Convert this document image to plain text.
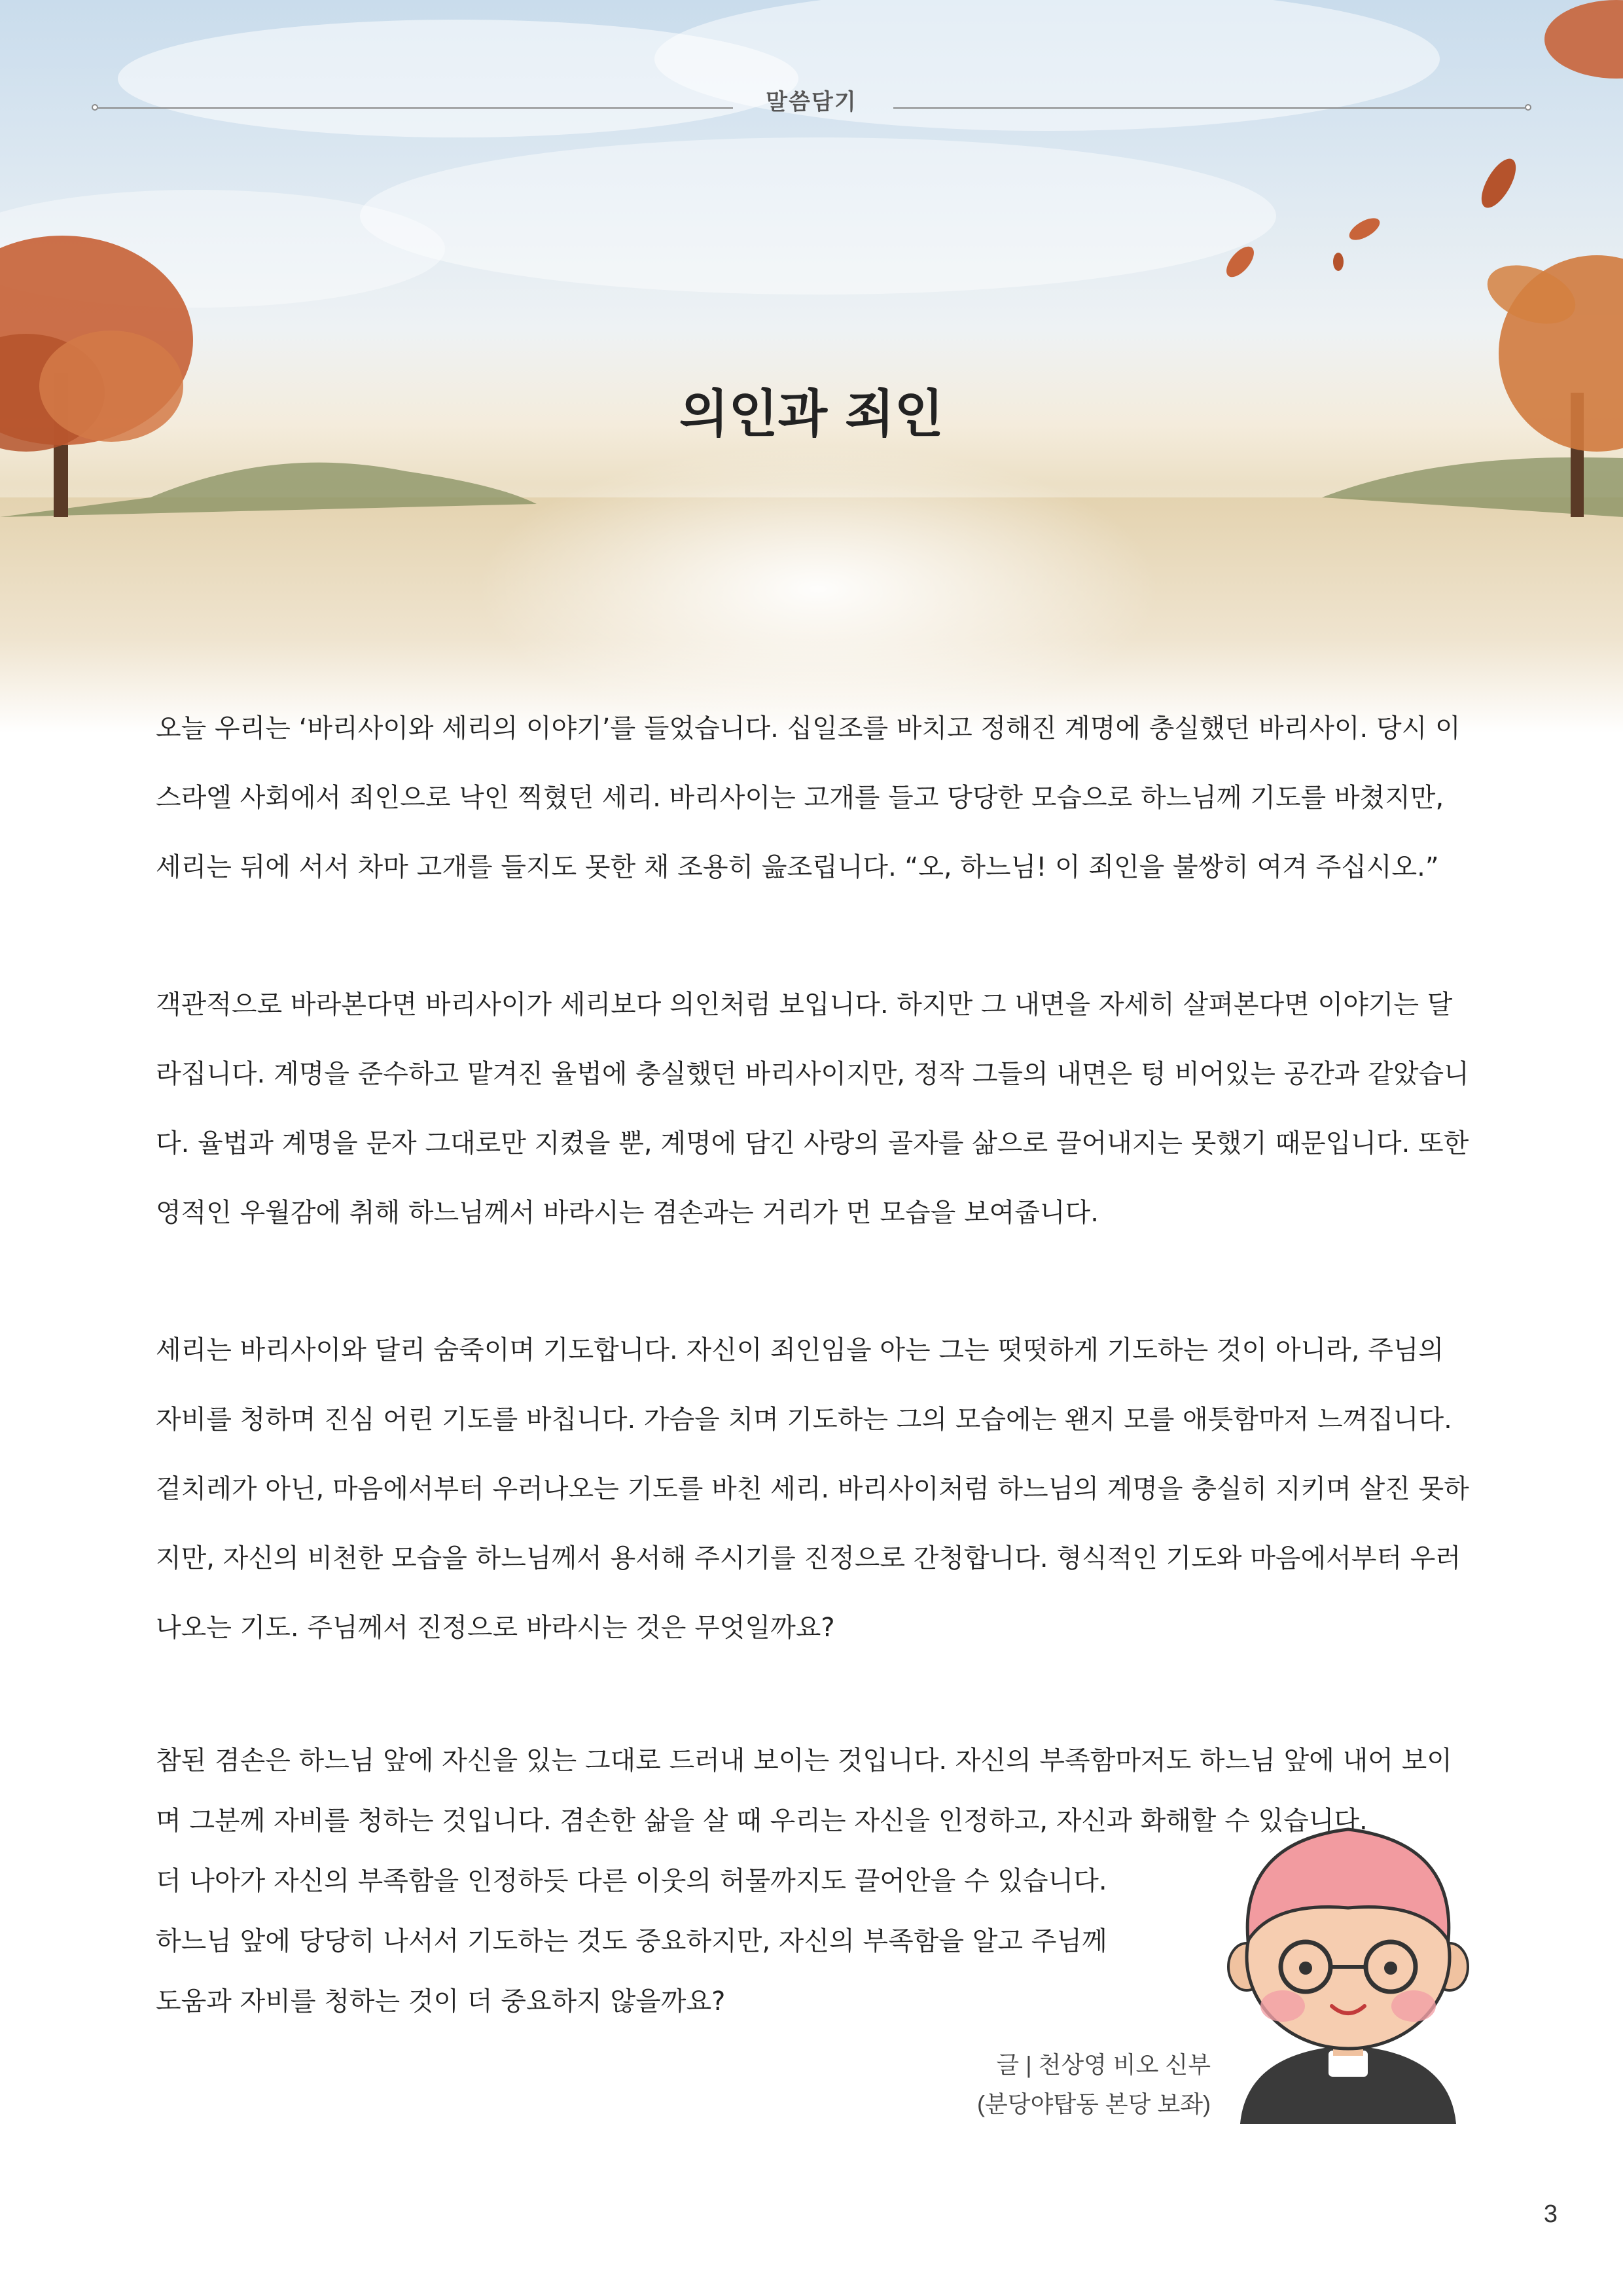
말씀담기
의인과 죄인

오늘 우리는 ‘바리사이와 세리의 이야기’를 들었습니다. 십일조를 바치고 정해진 계명에 충실했던 바리사이. 당시 이스라엘 사회에서 죄인으로 낙인 찍혔던 세리. 바리사이는 고개를 들고 당당한 모습으로 하느님께 기도를 바쳤지만, 세리는 뒤에 서서 차마 고개를 들지도 못한 채 조용히 읊조립니다. “오, 하느님! 이 죄인을 불쌍히 여겨 주십시오.”

객관적으로 바라본다면 바리사이가 세리보다 의인처럼 보입니다. 하지만 그 내면을 자세히 살펴본다면 이야기는 달라집니다. 계명을 준수하고 맡겨진 율법에 충실했던 바리사이지만, 정작 그들의 내면은 텅 비어있는 공간과 같았습니다. 율법과 계명을 문자 그대로만 지켰을 뿐, 계명에 담긴 사랑의 골자를 삶으로 끌어내지는 못했기 때문입니다. 또한 영적인 우월감에 취해 하느님께서 바라시는 겸손과는 거리가 먼 모습을 보여줍니다.

세리는 바리사이와 달리 숨죽이며 기도합니다. 자신이 죄인임을 아는 그는 떳떳하게 기도하는 것이 아니라, 주님의 자비를 청하며 진심 어린 기도를 바칩니다. 가슴을 치며 기도하는 그의 모습에는 왠지 모를 애틋함마저 느껴집니다. 겉치레가 아닌, 마음에서부터 우러나오는 기도를 바친 세리. 바리사이처럼 하느님의 계명을 충실히 지키며 살진 못하지만, 자신의 비천한 모습을 하느님께서 용서해 주시기를 진정으로 간청합니다. 형식적인 기도와 마음에서부터 우러나오는 기도. 주님께서 진정으로 바라시는 것은 무엇일까요?

참된 겸손은 하느님 앞에 자신을 있는 그대로 드러내 보이는 것입니다. 자신의 부족함마저도 하느님 앞에 내어 보이며 그분께 자비를 청하는 것입니다. 겸손한 삶을 살 때 우리는 자신을 인정하고, 자신과 화해할 수 있습니다.
더 나아가 자신의 부족함을 인정하듯 다른 이웃의 허물까지도 끌어안을 수 있습니다.
하느님 앞에 당당히 나서서 기도하는 것도 중요하지만, 자신의 부족함을 알고 주님께
도움과 자비를 청하는 것이 더 중요하지 않을까요?

글 | 천상영 비오 신부
(분당야탑동 본당 보좌)
3
